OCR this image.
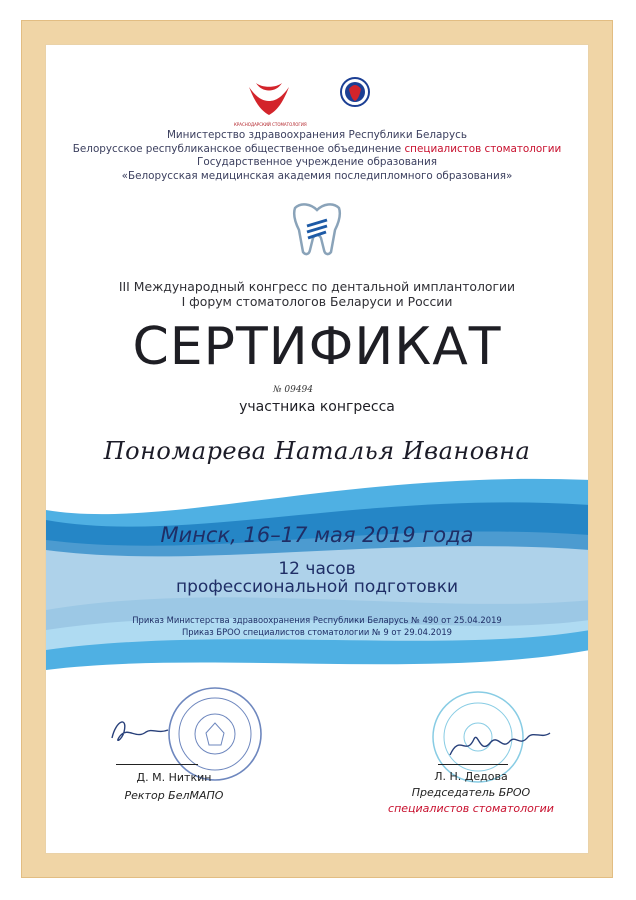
КРАСНОДАРСКИЙ СТОМАТОЛОГИЯ
Министерство здравоохранения Республики Беларусь
Белорусское республиканское общественное объединение специалистов стоматологии
Государственное учреждение образования
«Белорусская медицинская академия последипломного образования»
III Международный конгресс по дентальной имплантологии
I форум стоматологов Беларуси и России
СЕРТИФИКАТ
№ 09494
участника конгресса
Пономарева Наталья Ивановна
Минск, 16–17 мая 2019 года
12 часов
профессиональной подготовки
Приказ Министерства здравоохранения Республики Беларусь № 490 от 25.04.2019
Приказ БРОО специалистов стоматологии № 9 от 29.04.2019
Д. М. Ниткин
Ректор БелМАПО
Л. Н. Дедова
Председатель БРОО
специалистов стоматологии
